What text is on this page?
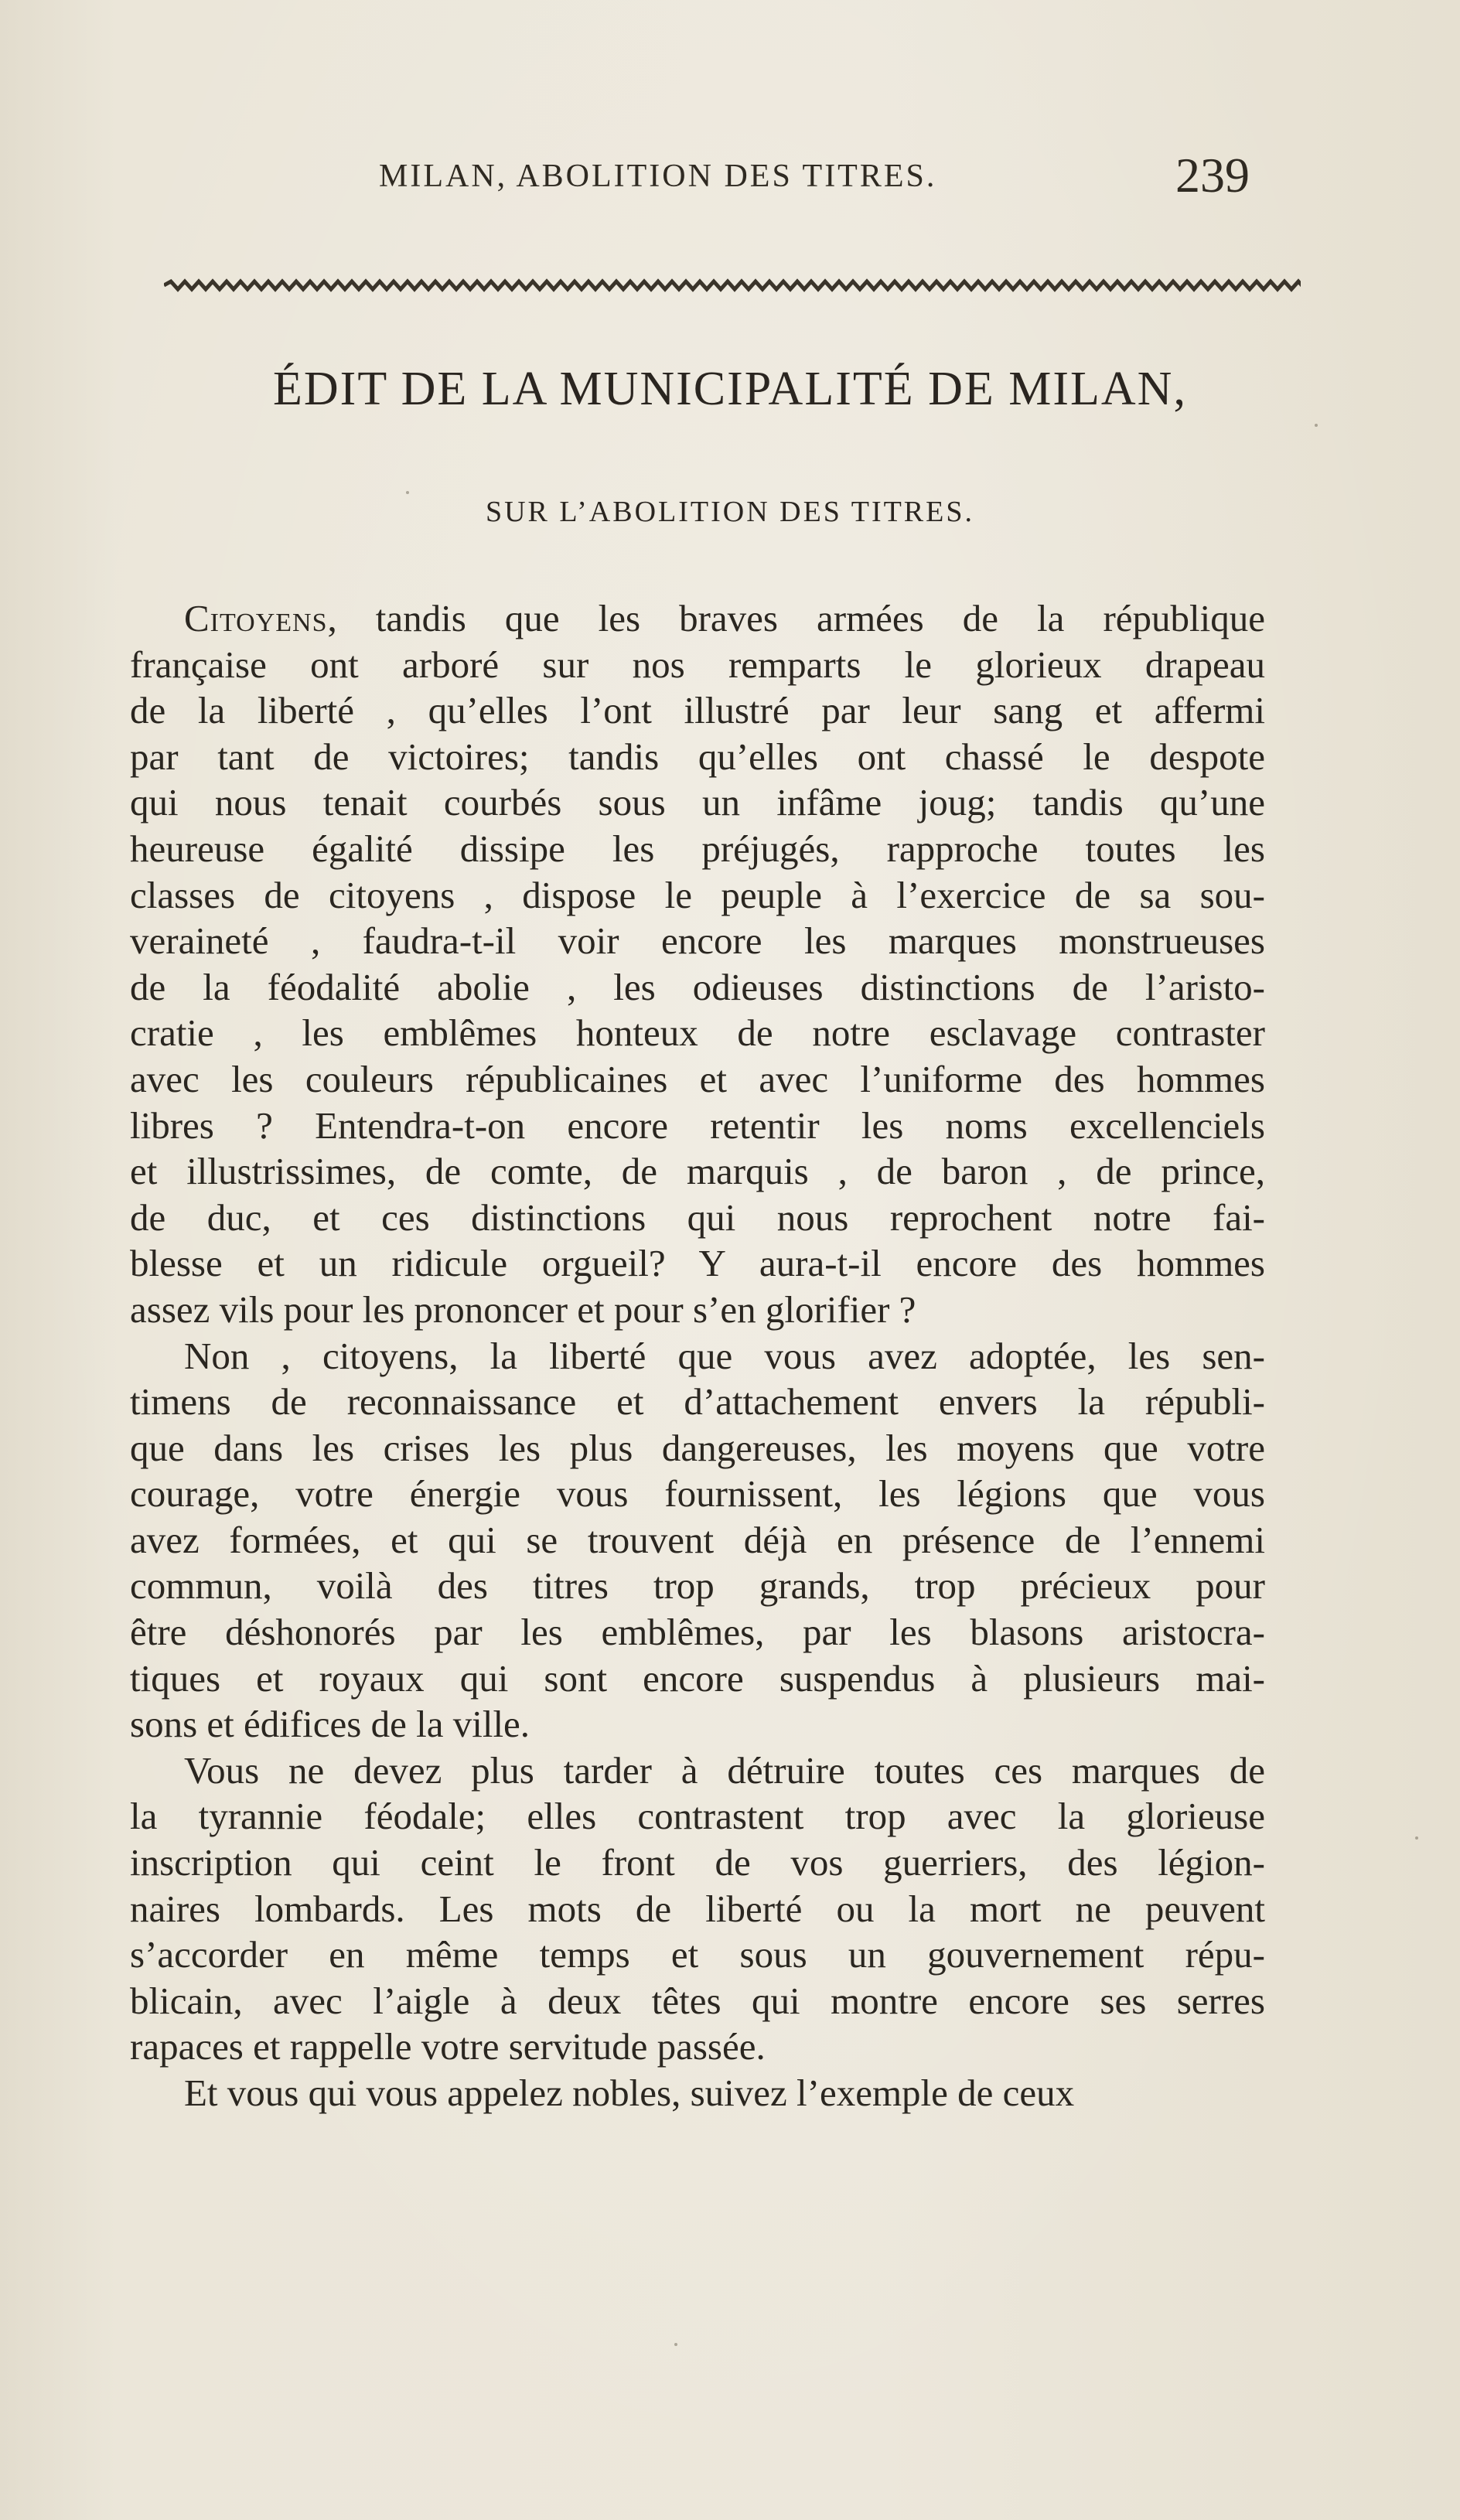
MILAN, ABOLITION DES TITRES.	239
ÉDIT DE LA MUNICIPALITÉ DE MILAN,
SUR L’ABOLITION DES TITRES.
Citoyens, tandis que les braves armées de la république
française ont arboré sur nos remparts le glorieux drapeau
de la liberté , qu’elles l’ont illustré par leur sang et affermi
par tant de victoires; tandis qu’elles ont chassé le despote
qui nous tenait courbés sous un infâme joug; tandis qu’une
heureuse égalité dissipe les préjugés, rapproche toutes les
classes de citoyens , dispose le peuple à l’exercice de sa sou-
veraineté , faudra-t-il voir encore les marques monstrueuses
de la féodalité abolie , les odieuses distinctions de l’aristo-
cratie , les emblêmes honteux de notre esclavage contraster
avec les couleurs républicaines et avec l’uniforme des hommes
libres ? Entendra-t-on encore retentir les noms excellenciels
et illustrissimes, de comte, de marquis , de baron , de prince,
de duc, et ces distinctions qui nous reprochent notre fai-
blesse et un ridicule orgueil? Y aura-t-il encore des hommes
assez vils pour les prononcer et pour s’en glorifier ?
Non , citoyens, la liberté que vous avez adoptée, les sen-
timens de reconnaissance et d’attachement envers la républi-
que dans les crises les plus dangereuses, les moyens que votre
courage, votre énergie vous fournissent, les légions que vous
avez formées, et qui se trouvent déjà en présence de l’ennemi
commun, voilà des titres trop grands, trop précieux pour
être déshonorés par les emblêmes, par les blasons aristocra-
tiques et royaux qui sont encore suspendus à plusieurs mai-
sons et édifices de la ville.
Vous ne devez plus tarder à détruire toutes ces marques de
la tyrannie féodale; elles contrastent trop avec la glorieuse
inscription qui ceint le front de vos guerriers, des légion-
naires lombards. Les mots de liberté ou la mort ne peuvent
s’accorder en même temps et sous un gouvernement répu-
blicain, avec l’aigle à deux têtes qui montre encore ses serres
rapaces et rappelle votre servitude passée.
Et vous qui vous appelez nobles, suivez l’exemple de ceux
